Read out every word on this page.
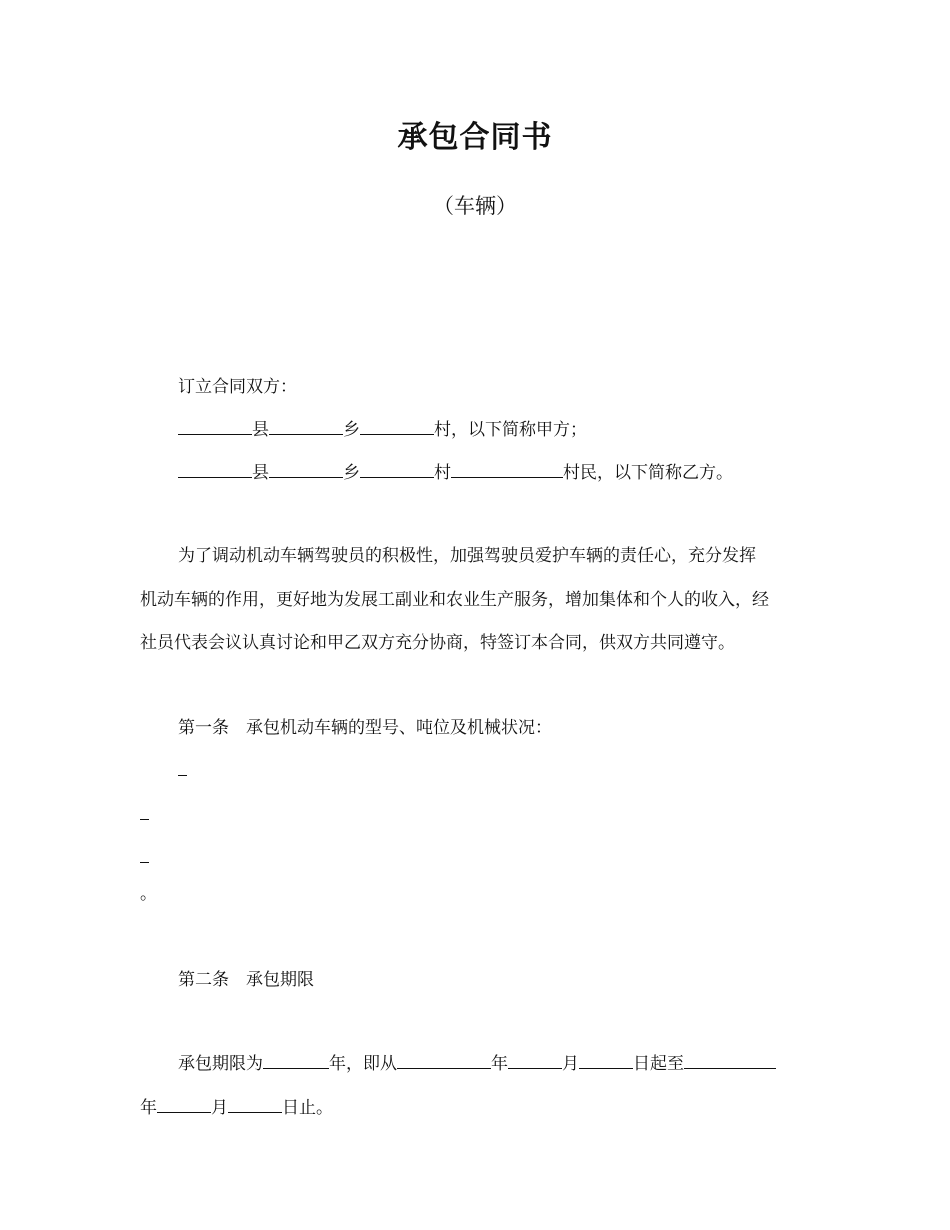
承包合同书
（车辆）
订立合同双方：
县	乡	村，以下简称甲方；
县	乡	村	村民，以下简称乙方。
为了调动机动车辆驾驶员的积极性，加强驾驶员爱护车辆的责任心，充分发挥
机动车辆的作用，更好地为发展工副业和农业生产服务，增加集体和个人的收入，经
社员代表会议认真讨论和甲乙双方充分协商，特签订本合同，供双方共同遵守。
第一条　承包机动车辆的型号、吨位及机械状况：
。
第二条　承包期限
承包期限为	年，即从	年	月	日起至
年	月	日止。
